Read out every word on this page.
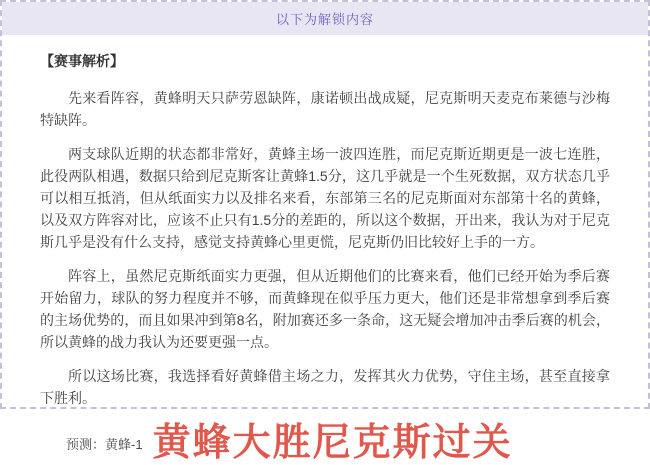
以下为解锁内容
【赛事解析】

先来看阵容，黄蜂明天只萨劳恩缺阵，康诺顿出战成疑，尼克斯明天麦克布莱德与沙梅特缺阵。

两支球队近期的状态都非常好，黄蜂主场一波四连胜，而尼克斯近期更是一波七连胜，此役两队相遇，数据只给到尼克斯客让黄蜂1.5分，这几乎就是一个生死数据，双方状态几乎可以相互抵消，但从纸面实力以及排名来看，东部第三名的尼克斯面对东部第十名的黄蜂，以及双方阵容对比，应该不止只有1.5分的差距的，所以这个数据，开出来，我认为对于尼克斯几乎是没有什么支持，感觉支持黄蜂心里更慌，尼克斯仍旧比较好上手的一方。

阵容上，虽然尼克斯纸面实力更强，但从近期他们的比赛来看，他们已经开始为季后赛开始留力，球队的努力程度并不够，而黄蜂现在似乎压力更大，他们还是非常想拿到季后赛的主场优势的，而且如果冲到第8名，附加赛还多一条命，这无疑会增加冲击季后赛的机会，所以黄蜂的战力我认为还要更强一点。

所以这场比赛，我选择看好黄蜂借主场之力，发挥其火力优势，守住主场，甚至直接拿下胜利。

预测： 黄蜂-1 黄蜂大胜尼克斯过关
